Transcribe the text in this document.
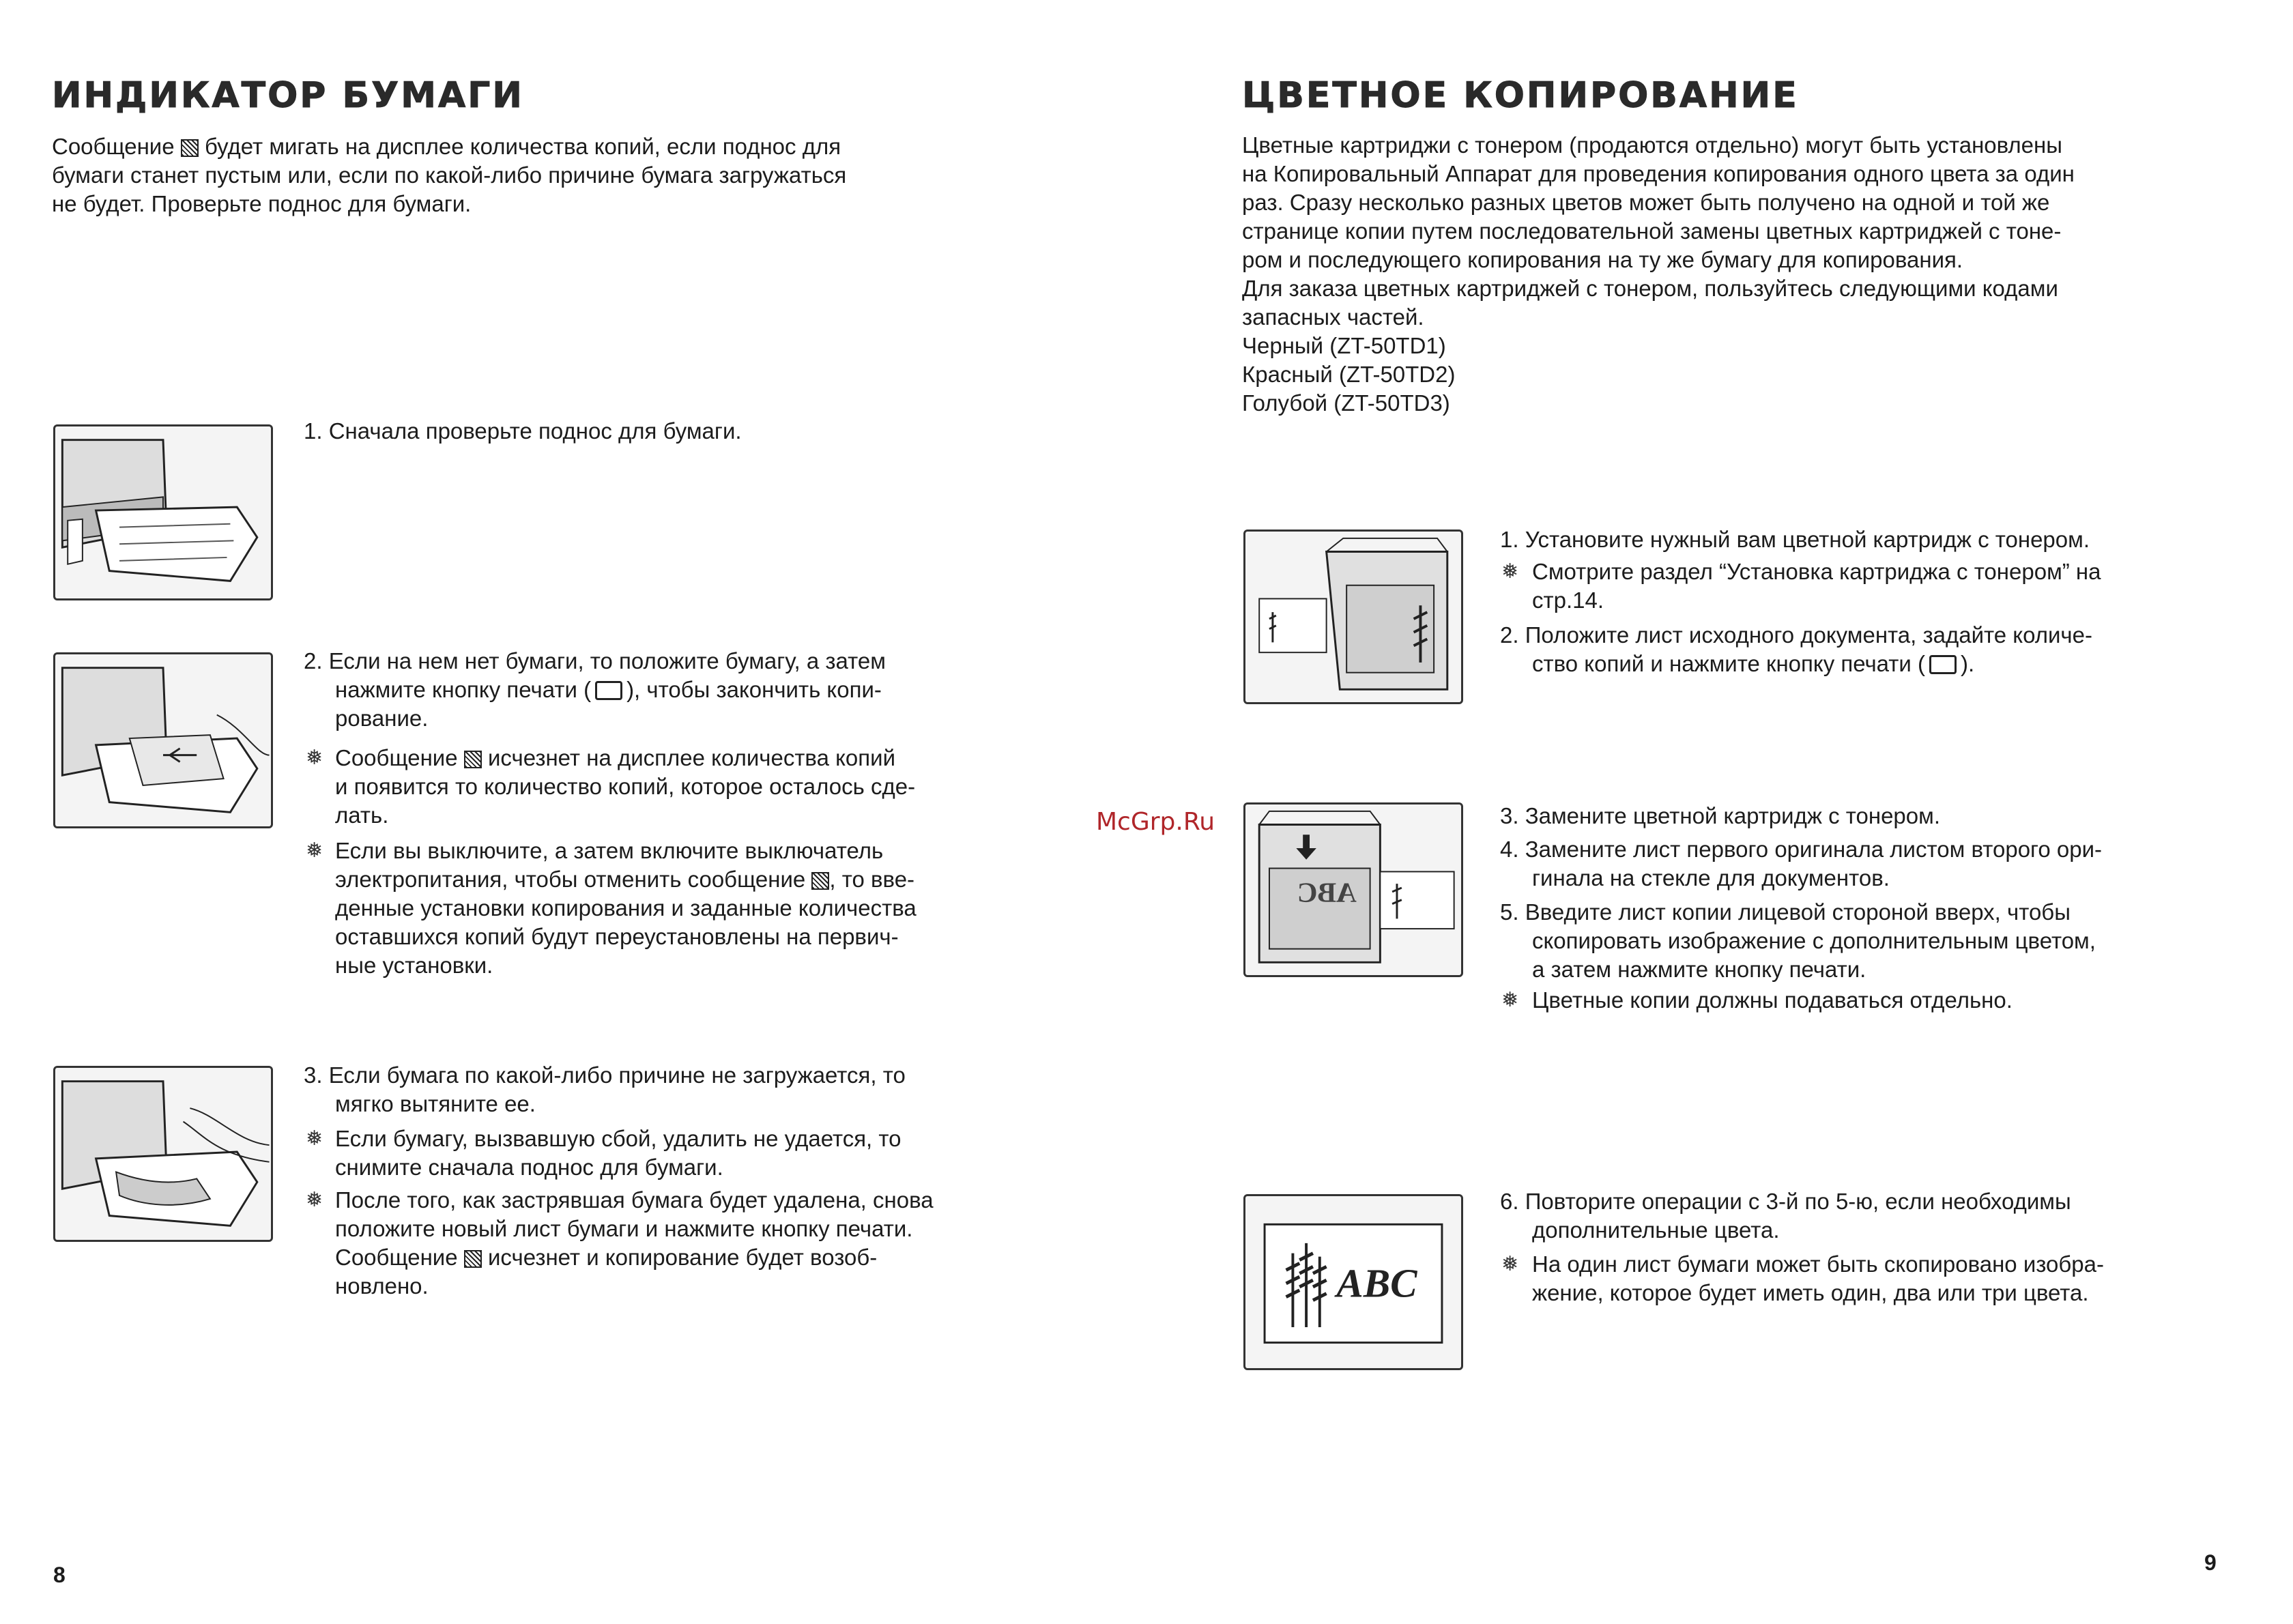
ИНДИКАТОР БУМАГИ

Сообщение будет мигать на дисплее количества копий, если поднос для
бумаги станет пустым или, если по какой-либо причине бумага загружаться
не будет. Проверьте поднос для бумаги.

1. Сначала проверьте поднос для бумаги.

2. Если на нем нет бумаги, то положите бумагу, а затем
нажмите кнопку печати ( ), чтобы закончить копи-
рование.

❅ Сообщение исчезнет на дисплее количества копий
и появится то количество копий, которое осталось сде-
лать.

❅ Если вы выключите, а затем включите выключатель
электропитания, чтобы отменить сообщение , то вве-
денные установки копирования и заданные количества
оставшихся копий будут переустановлены на первич-
ные установки.

3. Если бумага по какой-либо причине не загружается, то
мягко вытяните ее.

❅ Если бумагу, вызвавшую сбой, удалить не удается, то
снимите сначала поднос для бумаги.

❅ После того, как застрявшая бумага будет удалена, снова
положите новый лист бумаги и нажмите кнопку печати.
Сообщение исчезнет и копирование будет возоб-
новлено.

8
ЦВЕТНОЕ КОПИРОВАНИЕ

Цветные картриджи с тонером (продаются отдельно) могут быть установлены
на Копировальный Аппарат для проведения копирования одного цвета за один
раз. Сразу несколько разных цветов может быть получено на одной и той же
странице копии путем последовательной замены цветных картриджей с тоне-
ром и последующего копирования на ту же бумагу для копирования.
Для заказа цветных картриджей с тонером, пользуйтесь следующими кодами
запасных частей.
Черный (ZT-50TD1)
Красный (ZT-50TD2)
Голубой (ZT-50TD3)

1. Установите нужный вам цветной картридж с тонером.

❅ Смотрите раздел “Установка картриджа с тонером” на
стр.14.

2. Положите лист исходного документа, задайте количе-
ство копий и нажмите кнопку печати ( ).

ABC

3. Замените цветной картридж с тонером.

4. Замените лист первого оригинала листом второго ори-
гинала на стекле для документов.

5. Введите лист копии лицевой стороной вверх, чтобы
скопировать изображение с дополнительным цветом,
а затем нажмите кнопку печати.

❅ Цветные копии должны подаваться отдельно.

ABC

6. Повторите операции с 3-й по 5-ю, если необходимы
дополнительные цвета.

❅ На один лист бумаги может быть скопировано изобра-
жение, которое будет иметь один, два или три цвета.

9
McGrp.Ru
